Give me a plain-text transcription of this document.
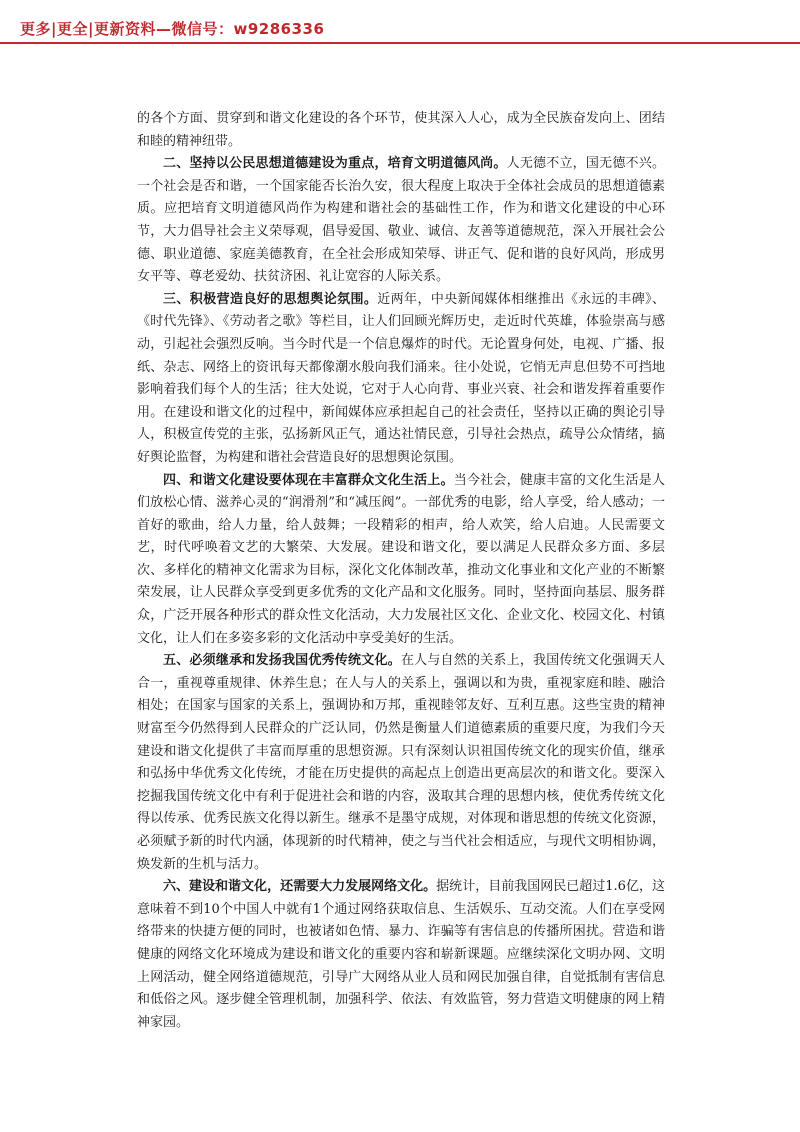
更多|更全|更新资料—微信号：w9286336

的各个方面、贯穿到和谐文化建设的各个环节，使其深入人心，成为全民族奋发向上、团结和睦的精神纽带。

二、坚持以公民思想道德建设为重点，培育文明道德风尚。人无德不立，国无德不兴。一个社会是否和谐，一个国家能否长治久安，很大程度上取决于全体社会成员的思想道德素质。应把培育文明道德风尚作为构建和谐社会的基础性工作，作为和谐文化建设的中心环节，大力倡导社会主义荣辱观，倡导爱国、敬业、诚信、友善等道德规范，深入开展社会公德、职业道德、家庭美德教育，在全社会形成知荣辱、讲正气、促和谐的良好风尚，形成男女平等、尊老爱幼、扶贫济困、礼让宽容的人际关系。

三、积极营造良好的思想舆论氛围。近两年，中央新闻媒体相继推出《永远的丰碑》、《时代先锋》、《劳动者之歌》等栏目，让人们回顾光辉历史，走近时代英雄，体验崇高与感动，引起社会强烈反响。当今时代是一个信息爆炸的时代。无论置身何处，电视、广播、报纸、杂志、网络上的资讯每天都像潮水般向我们涌来。往小处说，它悄无声息但势不可挡地影响着我们每个人的生活；往大处说，它对于人心向背、事业兴衰、社会和谐发挥着重要作用。在建设和谐文化的过程中，新闻媒体应承担起自己的社会责任，坚持以正确的舆论引导人，积极宣传党的主张，弘扬新风正气，通达社情民意，引导社会热点，疏导公众情绪，搞好舆论监督，为构建和谐社会营造良好的思想舆论氛围。

四、和谐文化建设要体现在丰富群众文化生活上。当今社会，健康丰富的文化生活是人们放松心情、滋养心灵的“润滑剂”和“减压阀”。一部优秀的电影，给人享受，给人感动；一首好的歌曲，给人力量，给人鼓舞；一段精彩的相声，给人欢笑，给人启迪。人民需要文艺，时代呼唤着文艺的大繁荣、大发展。建设和谐文化，要以满足人民群众多方面、多层次、多样化的精神文化需求为目标，深化文化体制改革，推动文化事业和文化产业的不断繁荣发展，让人民群众享受到更多优秀的文化产品和文化服务。同时，坚持面向基层、服务群众，广泛开展各种形式的群众性文化活动，大力发展社区文化、企业文化、校园文化、村镇文化，让人们在多姿多彩的文化活动中享受美好的生活。

五、必须继承和发扬我国优秀传统文化。在人与自然的关系上，我国传统文化强调天人合一，重视尊重规律、休养生息；在人与人的关系上，强调以和为贵，重视家庭和睦、融洽相处；在国家与国家的关系上，强调协和万邦，重视睦邻友好、互利互惠。这些宝贵的精神财富至今仍然得到人民群众的广泛认同，仍然是衡量人们道德素质的重要尺度，为我们今天建设和谐文化提供了丰富而厚重的思想资源。只有深刻认识祖国传统文化的现实价值，继承和弘扬中华优秀文化传统，才能在历史提供的高起点上创造出更高层次的和谐文化。要深入挖掘我国传统文化中有利于促进社会和谐的内容，汲取其合理的思想内核，使优秀传统文化得以传承、优秀民族文化得以新生。继承不是墨守成规，对体现和谐思想的传统文化资源，必须赋予新的时代内涵，体现新的时代精神，使之与当代社会相适应，与现代文明相协调，焕发新的生机与活力。

六、建设和谐文化，还需要大力发展网络文化。据统计，目前我国网民已超过1.6亿，这意味着不到10个中国人中就有1个通过网络获取信息、生活娱乐、互动交流。人们在享受网络带来的快捷方便的同时，也被诸如色情、暴力、诈骗等有害信息的传播所困扰。营造和谐健康的网络文化环境成为建设和谐文化的重要内容和崭新课题。应继续深化文明办网、文明上网活动，健全网络道德规范，引导广大网络从业人员和网民加强自律，自觉抵制有害信息和低俗之风。逐步健全管理机制，加强科学、依法、有效监管，努力营造文明健康的网上精神家园。
